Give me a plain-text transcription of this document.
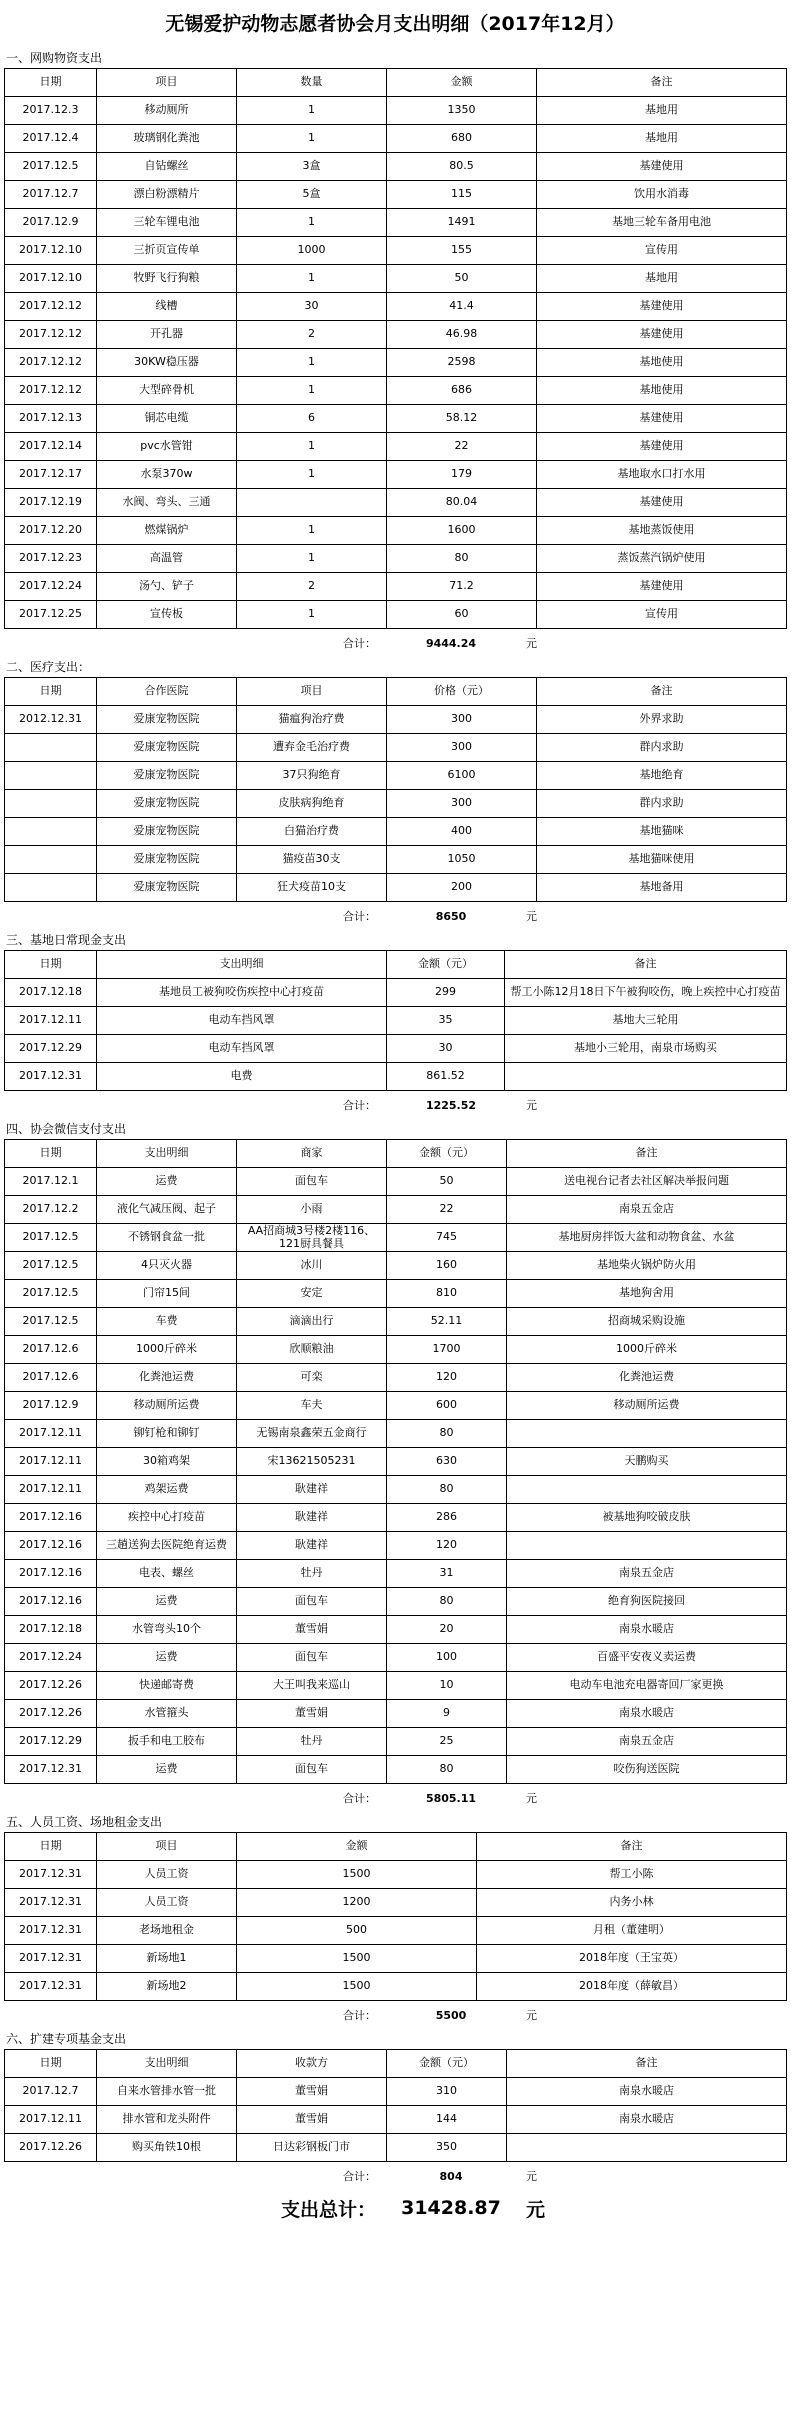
无锡爱护动物志愿者协会月支出明细（2017年12月）
一、网购物资支出
日期	项目	数量	金额	备注
2017.12.3	移动厕所	1	1350	基地用
2017.12.4	玻璃钢化粪池	1	680	基地用
2017.12.5	自钻螺丝	3盒	80.5	基建使用
2017.12.7	漂白粉漂精片	5盒	115	饮用水消毒
2017.12.9	三轮车锂电池	1	1491	基地三轮车备用电池
2017.12.10	三折页宣传单	1000	155	宣传用
2017.12.10	牧野飞行狗粮	1	50	基地用
2017.12.12	线槽	30	41.4	基建使用
2017.12.12	开孔器	2	46.98	基建使用
2017.12.12	30KW稳压器	1	2598	基地使用
2017.12.12	大型碎骨机	1	686	基地使用
2017.12.13	铜芯电缆	6	58.12	基建使用
2017.12.14	pvc水管钳	1	22	基建使用
2017.12.17	水泵370w	1	179	基地取水口打水用
2017.12.19	水阀、弯头、三通		80.04	基建使用
2017.12.20	燃煤锅炉	1	1600	基地蒸饭使用
2017.12.23	高温管	1	80	蒸饭蒸汽锅炉使用
2017.12.24	汤勺、铲子	2	71.2	基建使用
2017.12.25	宣传板	1	60	宣传用
合计：	9444.24	元
二、医疗支出：
日期	合作医院	项目	价格（元）	备注
2012.12.31	爱康宠物医院	猫瘟狗治疗费	300	外界求助
	爱康宠物医院	遭弃金毛治疗费	300	群内求助
	爱康宠物医院	37只狗绝育	6100	基地绝育
	爱康宠物医院	皮肤病狗绝育	300	群内求助
	爱康宠物医院	白猫治疗费	400	基地猫咪
	爱康宠物医院	猫疫苗30支	1050	基地猫咪使用
	爱康宠物医院	狂犬疫苗10支	200	基地备用
合计：	8650	元
三、基地日常现金支出
日期	支出明细	金额（元）	备注
2017.12.18	基地员工被狗咬伤疾控中心打疫苗	299	帮工小陈12月18日下午被狗咬伤，晚上疾控中心打疫苗
2017.12.11	电动车挡风罩	35	基地大三轮用
2017.12.29	电动车挡风罩	30	基地小三轮用，南泉市场购买
2017.12.31	电费	861.52	
合计：	1225.52	元
四、协会微信支付支出
日期	支出明细	商家	金额（元）	备注
2017.12.1	运费	面包车	50	送电视台记者去社区解决举报问题
2017.12.2	液化气减压阀、起子	小雨	22	南泉五金店
2017.12.5	不锈钢食盆一批	AA招商城3号楼2楼116、121厨具餐具	745	基地厨房拌饭大盆和动物食盆、水盆
2017.12.5	4只灭火器	冰川	160	基地柴火锅炉防火用
2017.12.5	门帘15间	安定	810	基地狗舍用
2017.12.5	车费	滴滴出行	52.11	招商城采购设施
2017.12.6	1000斤碎米	欣顺粮油	1700	1000斤碎米
2017.12.6	化粪池运费	可栾	120	化粪池运费
2017.12.9	移动厕所运费	车夫	600	移动厕所运费
2017.12.11	铆钉枪和铆钉	无锡南泉鑫荣五金商行	80	
2017.12.11	30箱鸡架	宋13621505231	630	天鹏购买
2017.12.11	鸡架运费	耿建祥	80	
2017.12.16	疾控中心打疫苗	耿建祥	286	被基地狗咬破皮肤
2017.12.16	三趟送狗去医院绝育运费	耿建祥	120	
2017.12.16	电表、螺丝	牡丹	31	南泉五金店
2017.12.16	运费	面包车	80	绝育狗医院接回
2017.12.18	水管弯头10个	董雪娟	20	南泉水暖店
2017.12.24	运费	面包车	100	百盛平安夜义卖运费
2017.12.26	快递邮寄费	大王叫我来巡山	10	电动车电池充电器寄回厂家更换
2017.12.26	水管箍头	董雪娟	9	南泉水暖店
2017.12.29	扳手和电工胶布	牡丹	25	南泉五金店
2017.12.31	运费	面包车	80	咬伤狗送医院
合计：	5805.11	元
五、人员工资、场地租金支出
日期	项目	金额	备注
2017.12.31	人员工资	1500	帮工小陈
2017.12.31	人员工资	1200	内务小林
2017.12.31	老场地租金	500	月租（董建明）
2017.12.31	新场地1	1500	2018年度（王宝英）
2017.12.31	新场地2	1500	2018年度（薛敏昌）
合计：	5500	元
六、扩建专项基金支出
日期	支出明细	收款方	金额（元）	备注
2017.12.7	自来水管排水管一批	董雪娟	310	南泉水暖店
2017.12.11	排水管和龙头附件	董雪娟	144	南泉水暖店
2017.12.26	购买角铁10根	日达彩钢板门市	350	
合计：	804	元
支出总计：	31428.87	元
